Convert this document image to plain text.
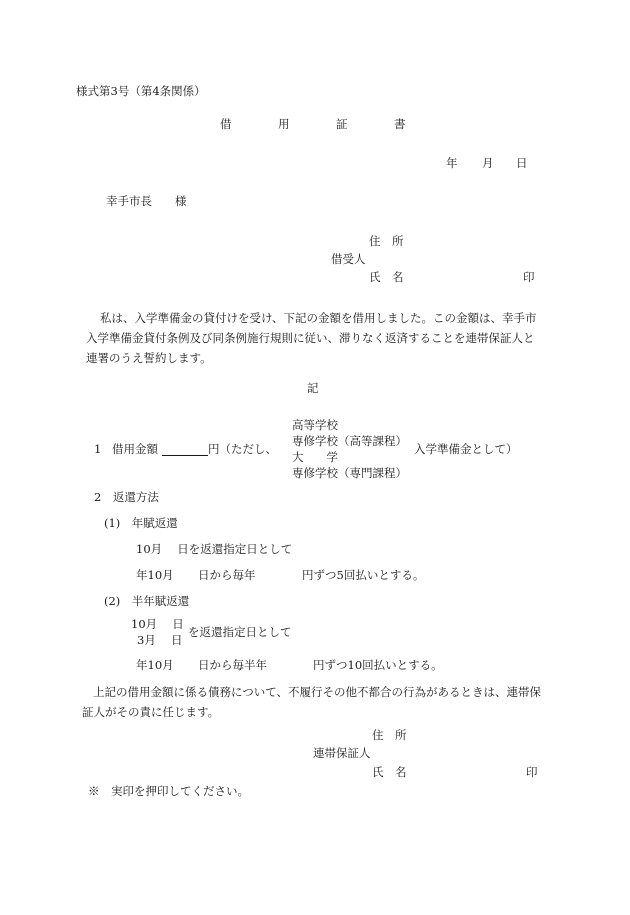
様式第3号（第4条関係）
借	用	証	書
年 月 日
幸手市長　　様
住　所
借受人
氏　名	印
私は、入学準備金の貸付けを受け、下記の金額を借用しました。この金額は、幸手市
入学準備金貸付条例及び同条例施行規則に従い、滞りなく返済することを連帯保証人と
連署のうえ誓約します。
記
高等学校
専修学校（高等課程）
1 借用金額	円（ただし、	入学準備金として）
大　　学
専修学校（専門課程）
2　返還方法
(1)　年賦返還
10月　 日を返還指定日として
年10月 日から毎年	円ずつ5回払いとする。
(2)　半年賦返還
10月　 日
を返還指定日として
3月　 日
年10月 日から毎半年	円ずつ10回払いとする。
上記の借用金額に係る債務について、不履行その他不都合の行為があるときは、連帯保
証人がその責に任じます。
住　所
連帯保証人
氏　名	印
※　実印を押印してください。
